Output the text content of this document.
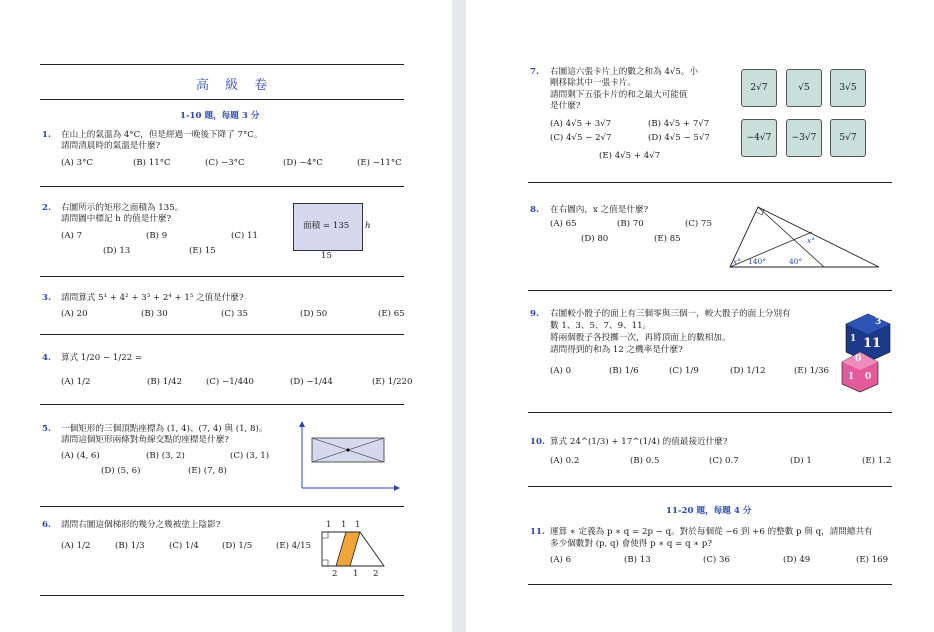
高 級 卷
1-10 題，每題 3 分
1. 在山上的氣溫為 4°C，但是經過一晚後下降了 7°C。
請問清晨時的氣溫是什麼?
(A) 3°C	(B) 11°C	(C) −3°C	(D) −4°C	(E) −11°C
2. 右圖所示的矩形之面積為 135。
請問圖中標記 h 的值是什麼?
(A) 7	(B) 9	(C) 11
(D) 13	(E) 15
面積 = 135 h
15
3. 請問算式 5¹ + 4² + 3³ + 2⁴ + 1⁵ 之值是什麼?
(A) 20	(B) 30	(C) 35	(D) 50	(E) 65
4. 算式 1/20 − 1/22 =
(A) 1/2	(B) 1/42	(C) −1/440	(D) −1/44	(E) 1/220
5. 一個矩形的三個頂點座標為 (1, 4)、(7, 4) 與 (1, 8)。
請問這個矩形兩條對角線交點的座標是什麼?
(A) (4, 6)	(B) (3, 2)	(C) (3, 1)
(D) (5, 6)	(E) (7, 8)
6. 請問右圖這個梯形的幾分之幾被塗上陰影?
(A) 1/2	(B) 1/3	(C) 1/4	(D) 1/5	(E) 4/15
1 1 1
2 1 2
7. 右圖這六張卡片上的數之和為 4√5。小
剛移除其中一張卡片。
請問剩下五張卡片的和之最大可能值
是什麼?
(A) 4√5 + 3√7	(B) 4√5 + 7√7
(C) 4√5 − 2√7	(D) 4√5 − 5√7
(E) 4√5 + 4√7
2√7	√5	3√5
−4√7	−3√7	5√7
8. 在右圖內，x 之值是什麼?
(A) 65	(B) 70	(C) 75
(D) 80	(E) 85	x°
x° 140°	40°
9. 右圖較小骰子的面上有三個零與三個一，較大骰子的面上分別有
數 1、3、5、7、9、11。
將兩個骰子各投擲一次，再將頂面上的數相加。
請問得到的和為 12 之機率是什麼?
(A) 0	(B) 1/6	(C) 1/9	(D) 1/12	(E) 1/36
11
3
1
0
1 0
10. 算式 24^(1/3) + 17^(1/4) 的值最接近什麼?
(A) 0.2	(B) 0.5	(C) 0.7	(D) 1	(E) 1.2
11-20 題，每題 4 分
11. 運算 ∗ 定義為 p ∗ q = 2p − q。對於每個從 −6 到 +6 的整數 p 與 q，請問總共有
多少個數對 (p, q) 會使得 p ∗ q = q ∗ p?
(A) 6	(B) 13	(C) 36	(D) 49	(E) 169
